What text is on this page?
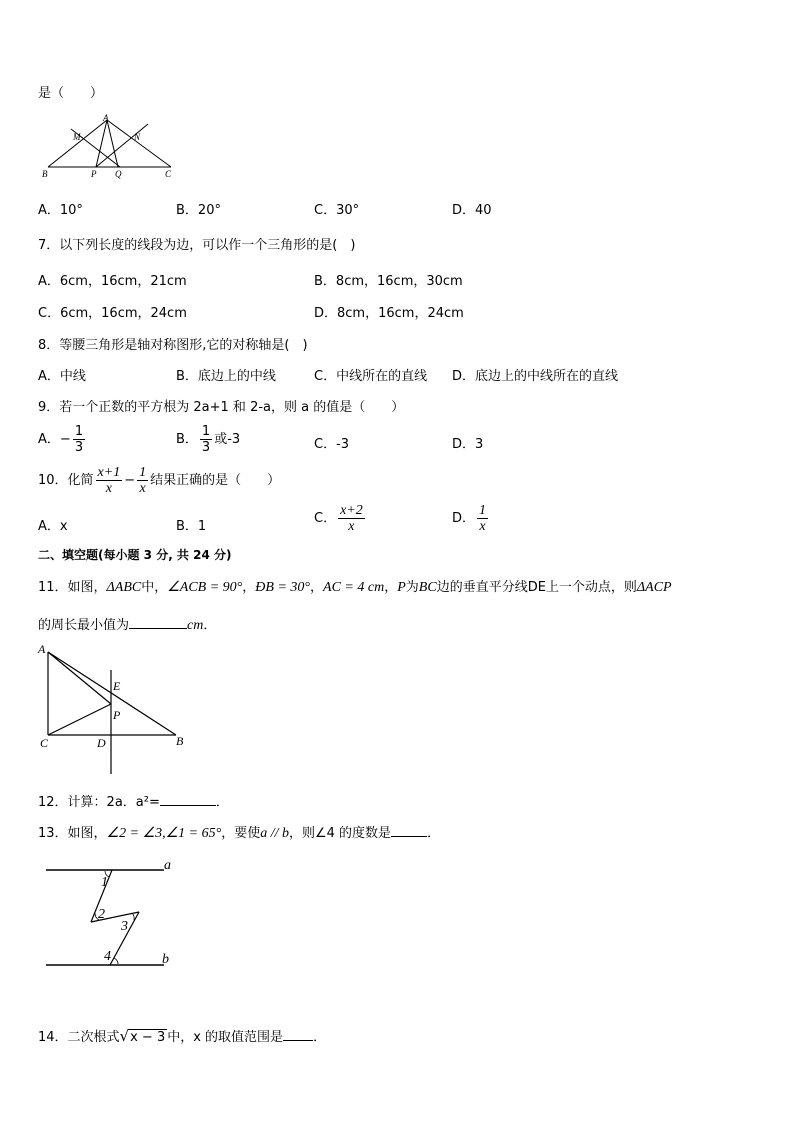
是（　　）
A
M	N
B	P Q	C
A．10°	B．20°	C．30°	D．40
7．以下列长度的线段为边，可以作一个三角形的是(　)
A．6cm，16cm，21cm	B．8cm，16cm，30cm
C．6cm，16cm，24cm	D．8cm，16cm，24cm
8．等腰三角形是轴对称图形,它的对称轴是(　)
A．中线	B．底边上的中线	C．中线所在的直线 D．底边上的中线所在的直线
9．若一个正数的平方根为 2a+1 和 2-a，则 a 的值是（　　）
A．− $\frac{1}{3}$	B． $\frac{1}{3}$ 或-3	C．-3	D．3
10．化简 $\frac{x+1}{x} - \frac{1}{x}$ 结果正确的是（　　）
A．x	B．1
C． $\frac{x+2}{x}$	D． $\frac{1}{x}$
二、填空题(每小题 3 分, 共 24 分)
11．如图，ΔABC中，∠ACB = 90°，ÐB = 30°，AC = 4 cm，P为BC边的垂直平分线DE上一个动点，则ΔACP
的周长最小值为	cm．
A
E
P
C	D	B
12．计算：2a．a²=	．
13．如图，∠2 = ∠3,∠1 = 65°，要使a // b，则∠4 的度数是	．
a
b
1
2
3
4
14．二次根式√x − 3 中，x 的取值范围是 ．
